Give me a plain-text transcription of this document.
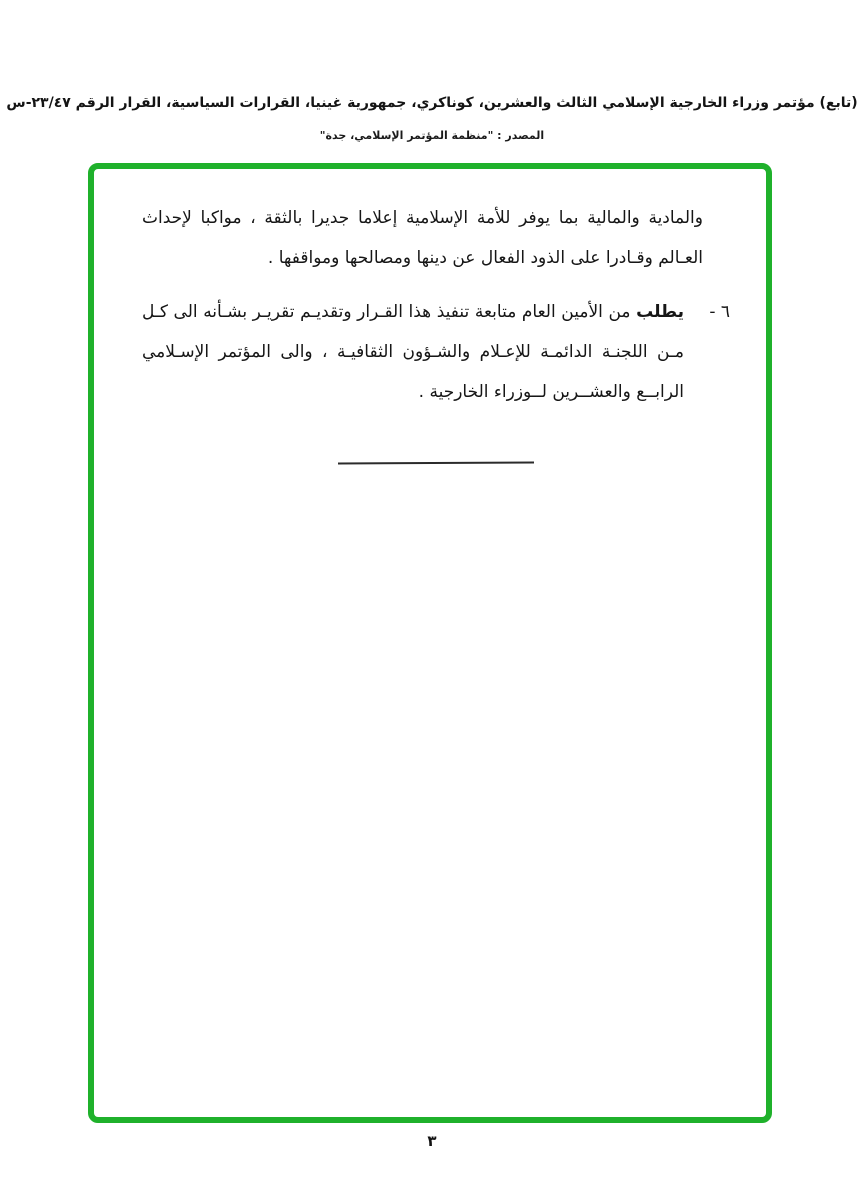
(تابع) مؤتمر وزراء الخارجية الإسلامي الثالث والعشرين، كوناكري، جمهورية غينيا، القرارات السياسية، القرار الرقم ٢٣/٤٧-س
المصدر : "منظمة المؤتمر الإسلامي، جدة"

والمادية والمالية بما يوفر للأمة الإسلامية إعلاما جديرا بالثقة ، مواكبا لإحداث العـالم وقـادرا على الذود الفعال عن دينها ومصالحها ومواقفها .

٦ -

يطلب من الأمين العام متابعة تنفيذ هذا القـرار وتقديـم تقريـر بشـأنه الى كـل مـن اللجنـة الدائمـة للإعـلام والشـؤون الثقافيـة ، والى المؤتمر الإسـلامي الرابــع والعشــرين لــوزراء الخارجية .

٣
